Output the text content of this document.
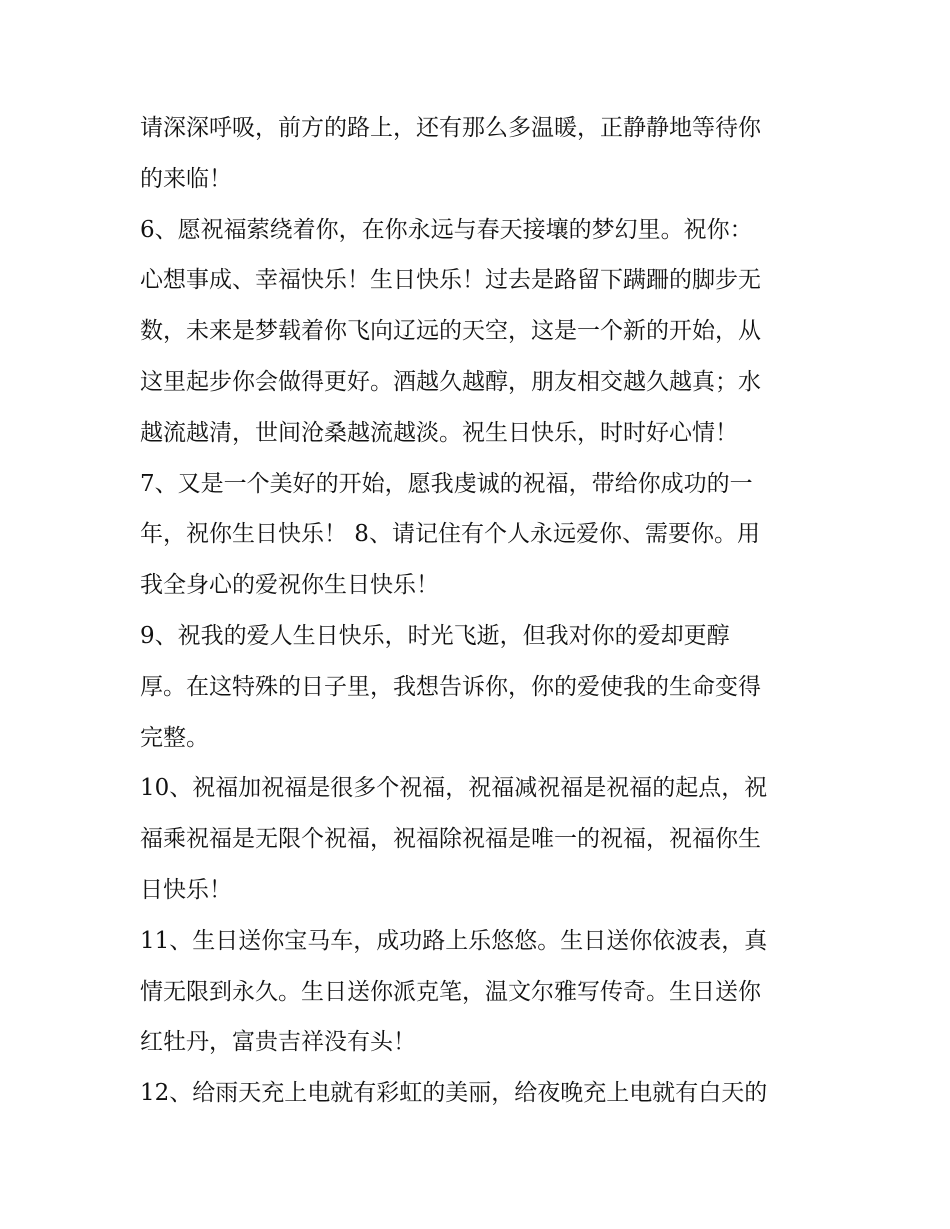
请深深呼吸，前方的路上，还有那么多温暖，正静静地等待你
的来临！
6、愿祝福萦绕着你，在你永远与春天接壤的梦幻里。祝你：
心想事成、幸福快乐！生日快乐！过去是路留下蹒跚的脚步无
数，未来是梦载着你飞向辽远的天空，这是一个新的开始，从
这里起步你会做得更好。酒越久越醇，朋友相交越久越真；水
越流越清，世间沧桑越流越淡。祝生日快乐，时时好心情！
7、又是一个美好的开始，愿我虔诚的祝福，带给你成功的一
年，祝你生日快乐！ 8、请记住有个人永远爱你、需要你。用
我全身心的爱祝你生日快乐！
9、祝我的爱人生日快乐，时光飞逝，但我对你的爱却更醇
厚。在这特殊的日子里，我想告诉你，你的爱使我的生命变得
完整。
10、祝福加祝福是很多个祝福，祝福减祝福是祝福的起点，祝
福乘祝福是无限个祝福，祝福除祝福是唯一的祝福，祝福你生
日快乐！
11、生日送你宝马车，成功路上乐悠悠。生日送你依波表，真
情无限到永久。生日送你派克笔，温文尔雅写传奇。生日送你
红牡丹，富贵吉祥没有头！
12、给雨天充上电就有彩虹的美丽，给夜晚充上电就有白天的
